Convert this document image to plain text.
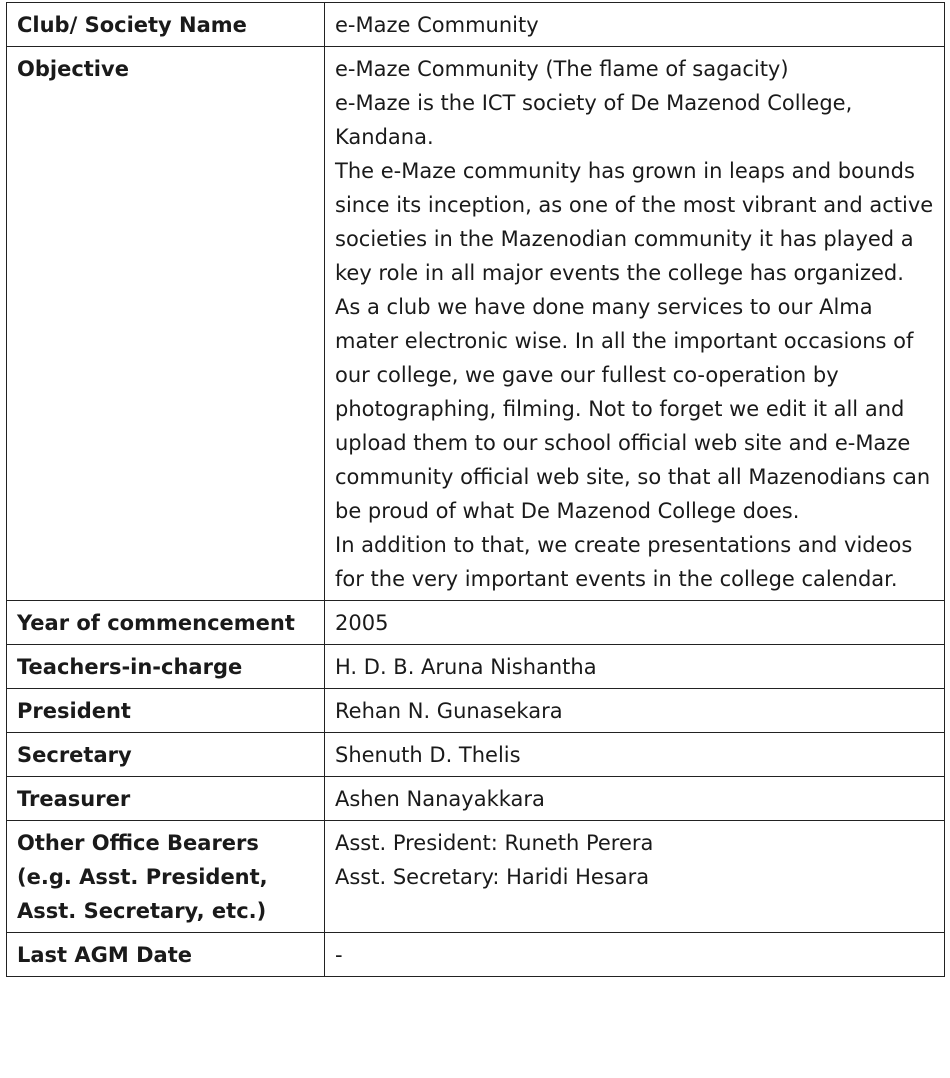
Club/ Society Name	e-Maze Community

Objective	e-Maze Community (The flame of sagacity)
e-Maze is the ICT society of De Mazenod College, Kandana.
The e-Maze community has grown in leaps and bounds since its inception, as one of the most vibrant and active societies in the Mazenodian community it has played a key role in all major events the college has organized.
As a club we have done many services to our Alma mater electronic wise. In all the important occasions of our college, we gave our fullest co-operation by photographing, filming. Not to forget we edit it all and upload them to our school official web site and e-Maze community official web site, so that all Mazenodians can be proud of what De Mazenod College does.
In addition to that, we create presentations and videos for the very important events in the college calendar.

Year of commencement	2005

Teachers-in-charge	H. D. B. Aruna Nishantha

President	Rehan N. Gunasekara

Secretary	Shenuth D. Thelis

Treasurer	Ashen Nanayakkara

Other Office Bearers (e.g. Asst. President, Asst. Secretary, etc.)	Asst. President: Runeth Perera
Asst. Secretary: Haridi Hesara

Last AGM Date	-
